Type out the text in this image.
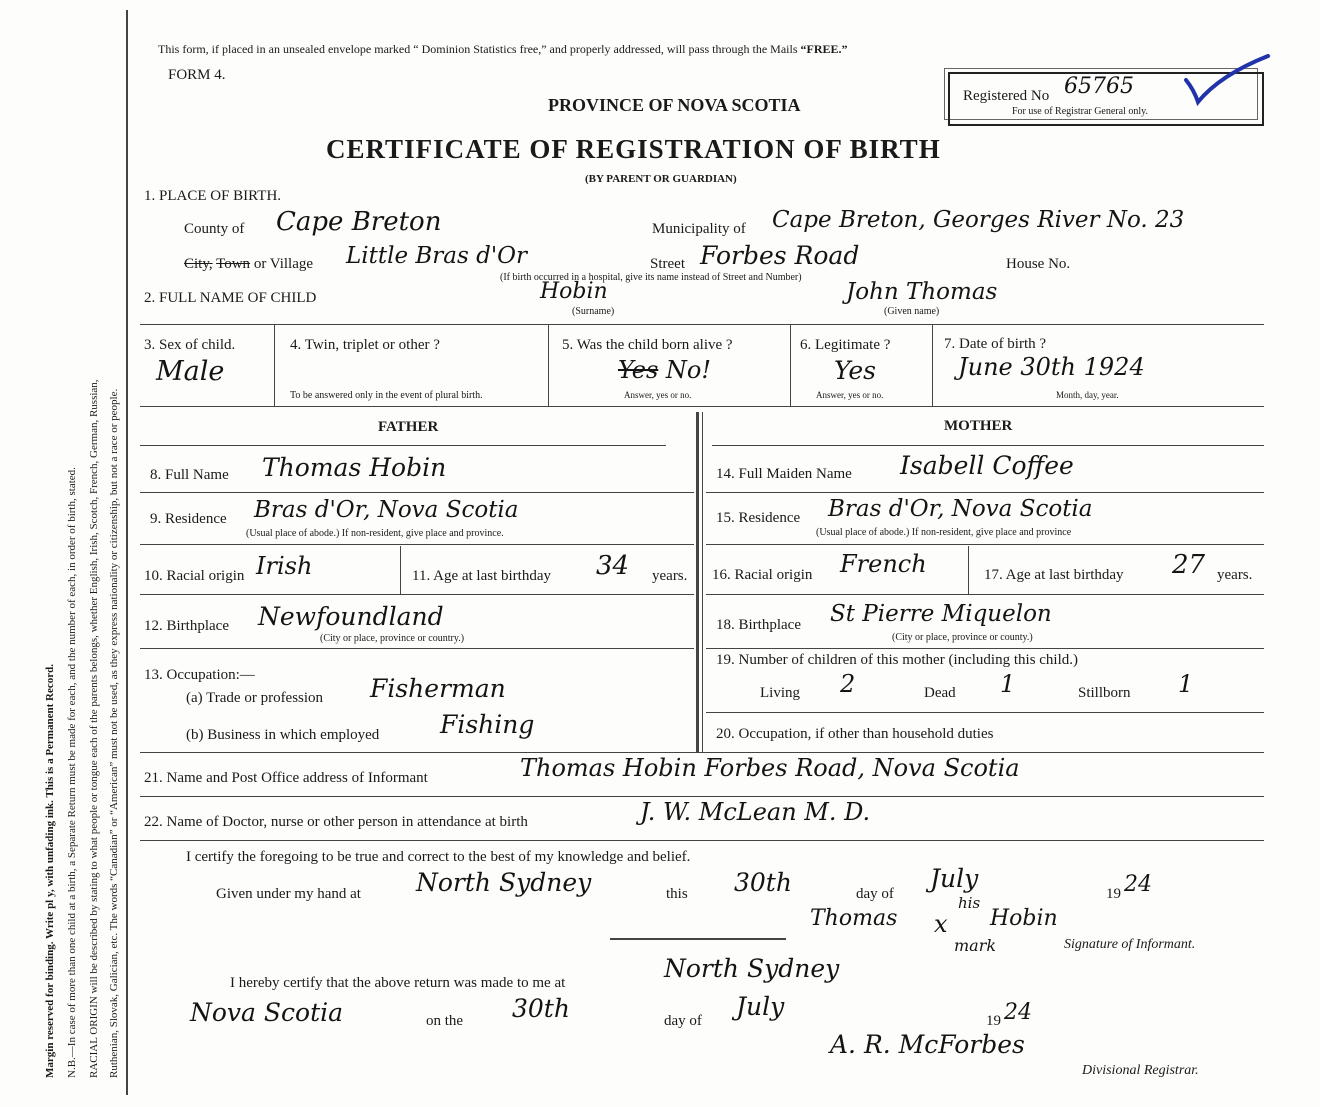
Margin reserved for binding. Write pl y, with unfading ink. This is a Permanent Record. N.B.—In case of more than one child at a birth, a Separate Return must be made for each, and the number of each, in order of birth, stated. RACIAL ORIGIN will be described by stating to what people or tongue each of the parents belongs, whether English, Irish, Scotch, French, German, Russian, Ruthenian, Slovak, Galician, etc. The words “Canadian” or “American” must not be used, as they express nationality or citizenship, but not a race or people.
This form, if placed in an unsealed envelope marked “ Dominion Statistics free,” and properly addressed, will pass through the Mails “FREE.”
FORM 4.
PROVINCE OF NOVA SCOTIA
CERTIFICATE OF REGISTRATION OF BIRTH
(BY PARENT OR GUARDIAN)
Registered No 65765
For use of Registrar General only.
1. PLACE OF BIRTH.
County of Cape Breton	Municipality of Cape Breton, Georges River No. 23
City, Town or Village Little Bras d'Or	Street Forbes Road	House No.
(If birth occurred in a hospital, give its name instead of Street and Number)
2. FULL NAME OF CHILD	Hobin
(Surname)
John Thomas
(Given name)
3. Sex of child.
Male
4. Twin, triplet or other ?
To be answered only in the event of plural birth.
5. Was the child born alive ?
Yes No!
Answer, yes or no.
6. Legitimate ?
Yes
Answer, yes or no.
7. Date of birth ?
June 30th 1924
Month, day, year.
FATHER	MOTHER
8. Full Name Thomas Hobin	14. Full Maiden Name Isabell Coffee
9. Residence Bras d'Or, Nova Scotia
(Usual place of abode.) If non-resident, give place and province.
15. Residence Bras d'Or, Nova Scotia
(Usual place of abode.) If non-resident, give place and province
10. Racial origin Irish	11. Age at last birthday 34 years. 16. Racial origin French	17. Age at last birthday 27 years.
12. Birthplace Newfoundland
(City or place, province or country.)
18. Birthplace St Pierre Miquelon
(City or place, province or county.)
13. Occupation:—
(a) Trade or profession Fisherman
(b) Business in which employed Fishing
19. Number of children of this mother (including this child.)
Living 2	Dead 1	Stillborn 1
20. Occupation, if other than household duties
21. Name and Post Office address of Informant	Thomas Hobin Forbes Road, Nova Scotia
22. Name of Doctor, nurse or other person in attendance at birth	J. W. McLean M. D.
I certify the foregoing to be true and correct to the best of my knowledge and belief.
Given under my hand at North Sydney	this 30th	day of
July
19 24
Thomas
his
x Hobin
mark	Signature of Informant.
I hereby certify that the above return was made to me at	North Sydney
Nova Scotia	on the 30th	day of July	19 24
A. R. McForbes
Divisional Registrar.
